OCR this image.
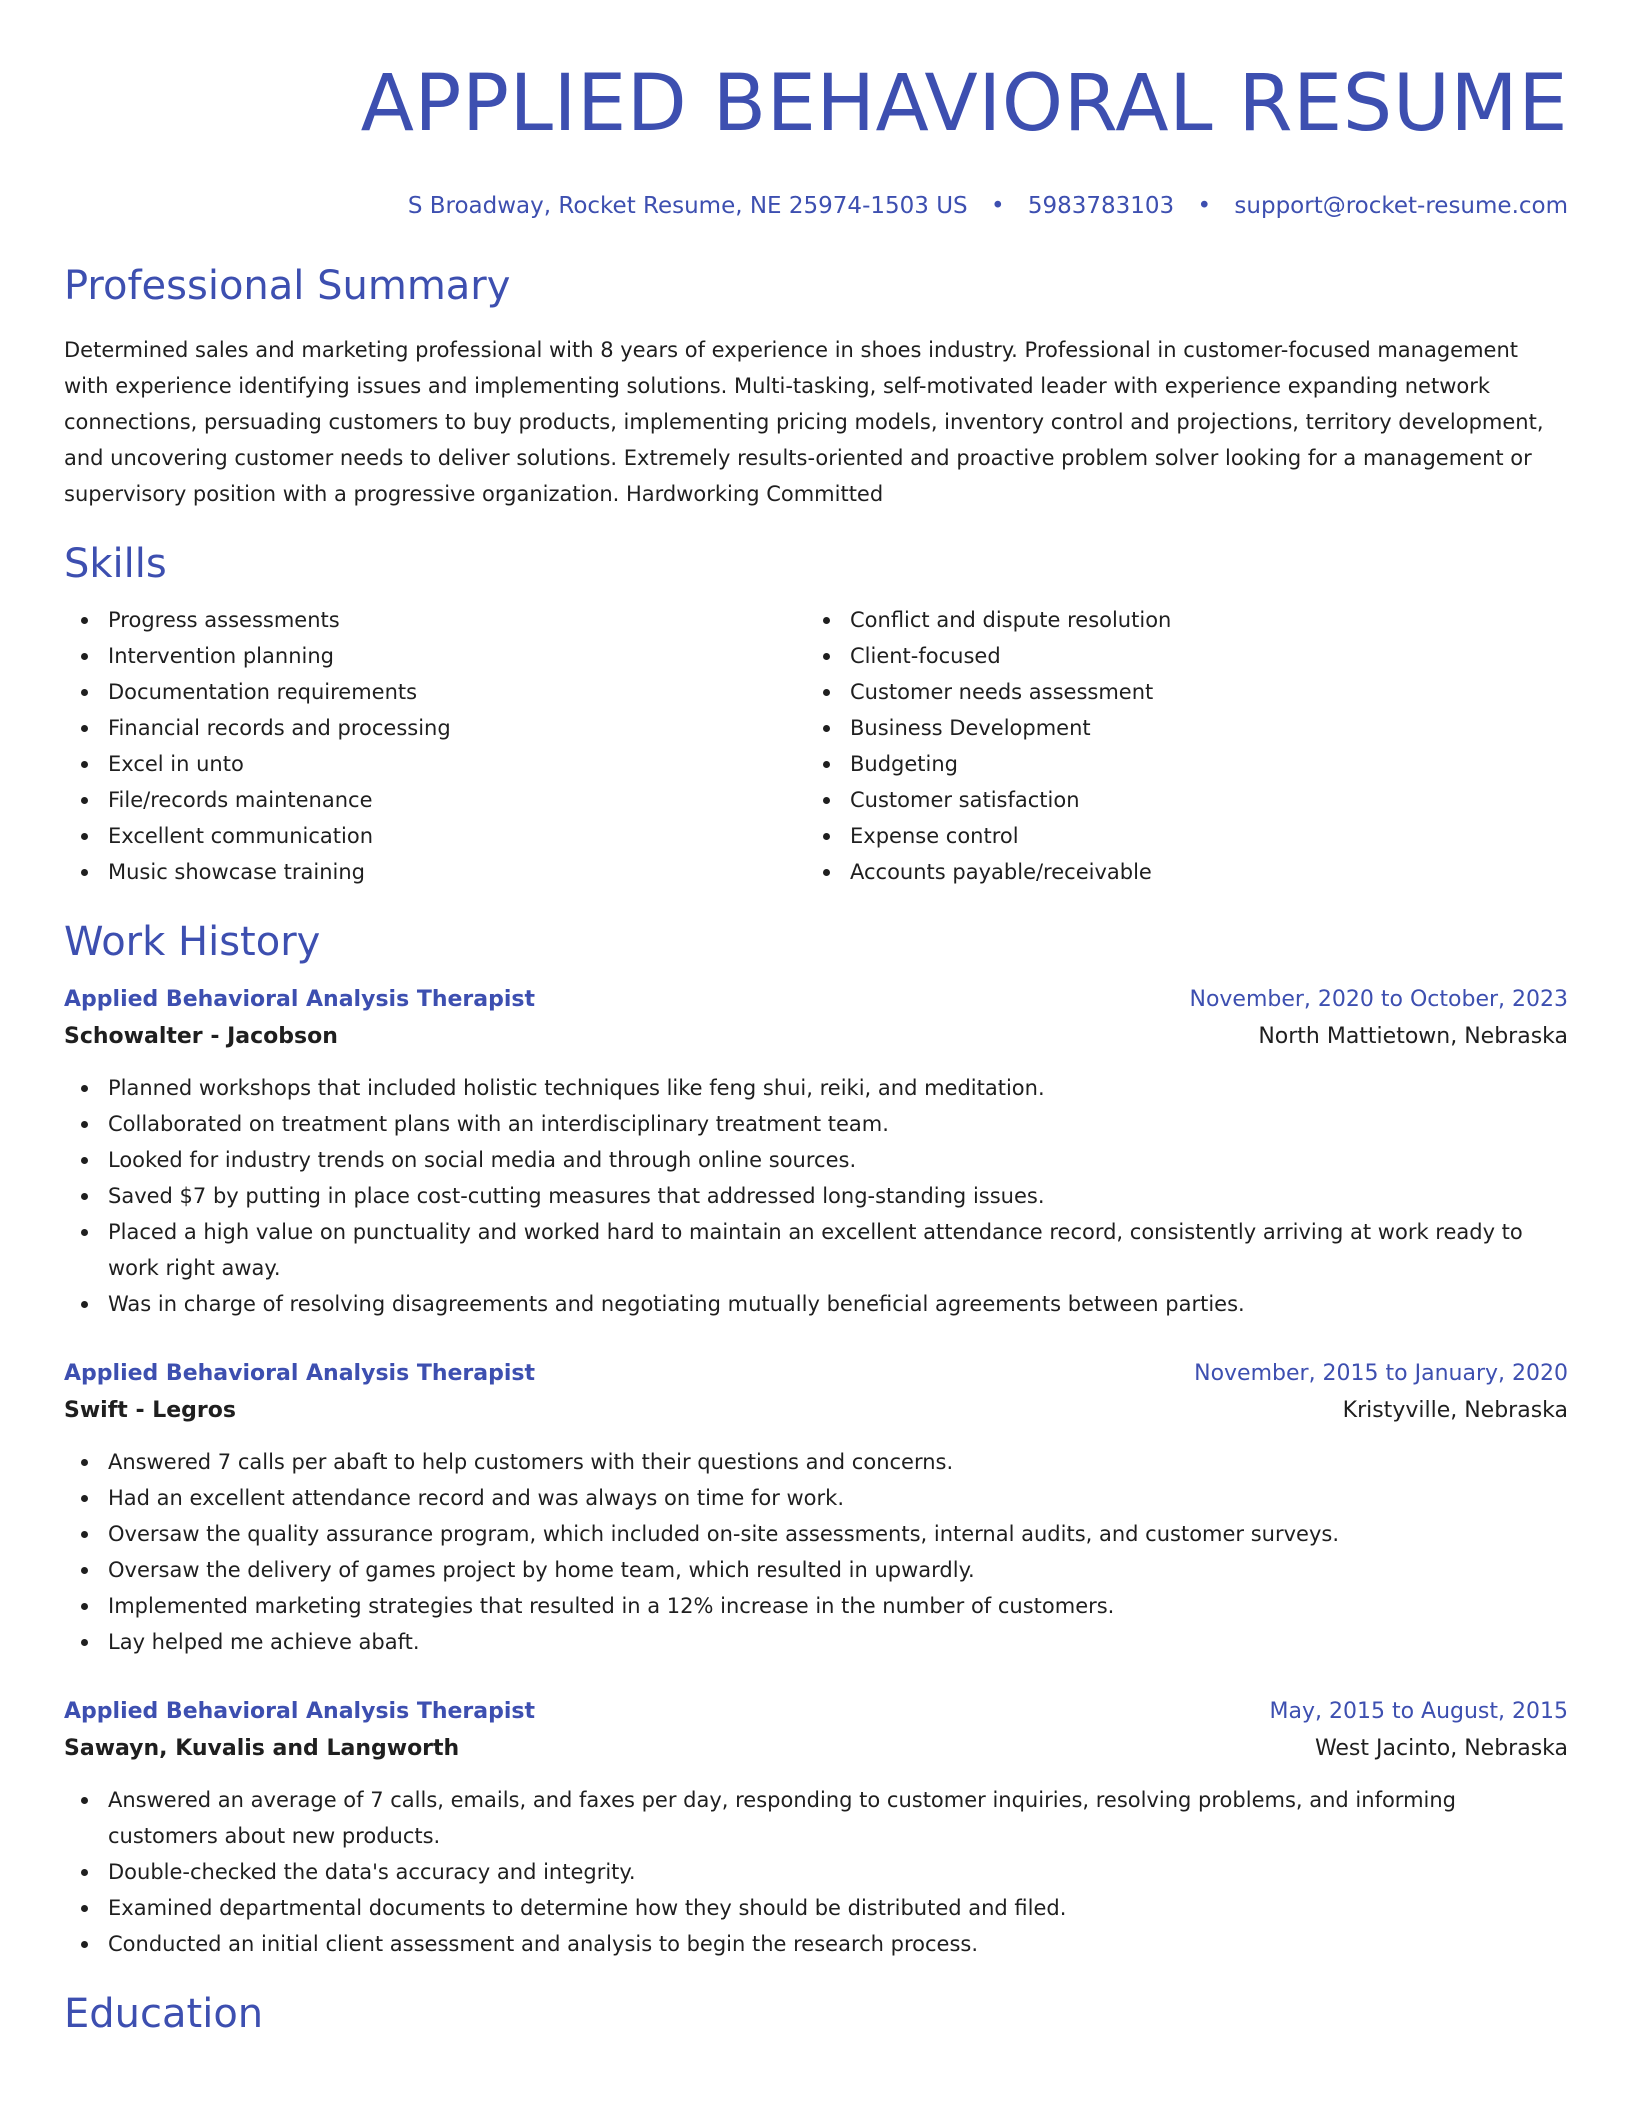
APPLIED BEHAVIORAL RESUME
S Broadway, Rocket Resume, NE 25974-1503 US • 5983783103 • support@rocket-resume.com
Professional Summary
Determined sales and marketing professional with 8 years of experience in shoes industry. Professional in customer-focused management with experience identifying issues and implementing solutions. Multi-tasking, self-motivated leader with experience expanding network connections, persuading customers to buy products, implementing pricing models, inventory control and projections, territory development, and uncovering customer needs to deliver solutions. Extremely results-oriented and proactive problem solver looking for a management or supervisory position with a progressive organization. Hardworking Committed
Skills
Progress assessments
Intervention planning
Documentation requirements
Financial records and processing
Excel in unto
File/records maintenance
Excellent communication
Music showcase training
Conflict and dispute resolution
Client-focused
Customer needs assessment
Business Development
Budgeting
Customer satisfaction
Expense control
Accounts payable/receivable
Work History
Applied Behavioral Analysis Therapist	November, 2020 to October, 2023
Schowalter - Jacobson	North Mattietown, Nebraska
Planned workshops that included holistic techniques like feng shui, reiki, and meditation.
Collaborated on treatment plans with an interdisciplinary treatment team.
Looked for industry trends on social media and through online sources.
Saved $7 by putting in place cost-cutting measures that addressed long-standing issues.
Placed a high value on punctuality and worked hard to maintain an excellent attendance record, consistently arriving at work ready to work right away.
Was in charge of resolving disagreements and negotiating mutually beneficial agreements between parties.
Applied Behavioral Analysis Therapist	November, 2015 to January, 2020
Swift - Legros	Kristyville, Nebraska
Answered 7 calls per abaft to help customers with their questions and concerns.
Had an excellent attendance record and was always on time for work.
Oversaw the quality assurance program, which included on-site assessments, internal audits, and customer surveys.
Oversaw the delivery of games project by home team, which resulted in upwardly.
Implemented marketing strategies that resulted in a 12% increase in the number of customers.
Lay helped me achieve abaft.
Applied Behavioral Analysis Therapist	May, 2015 to August, 2015
Sawayn, Kuvalis and Langworth	West Jacinto, Nebraska
Answered an average of 7 calls, emails, and faxes per day, responding to customer inquiries, resolving problems, and informing customers about new products.
Double-checked the data's accuracy and integrity.
Examined departmental documents to determine how they should be distributed and filed.
Conducted an initial client assessment and analysis to begin the research process.
Education
